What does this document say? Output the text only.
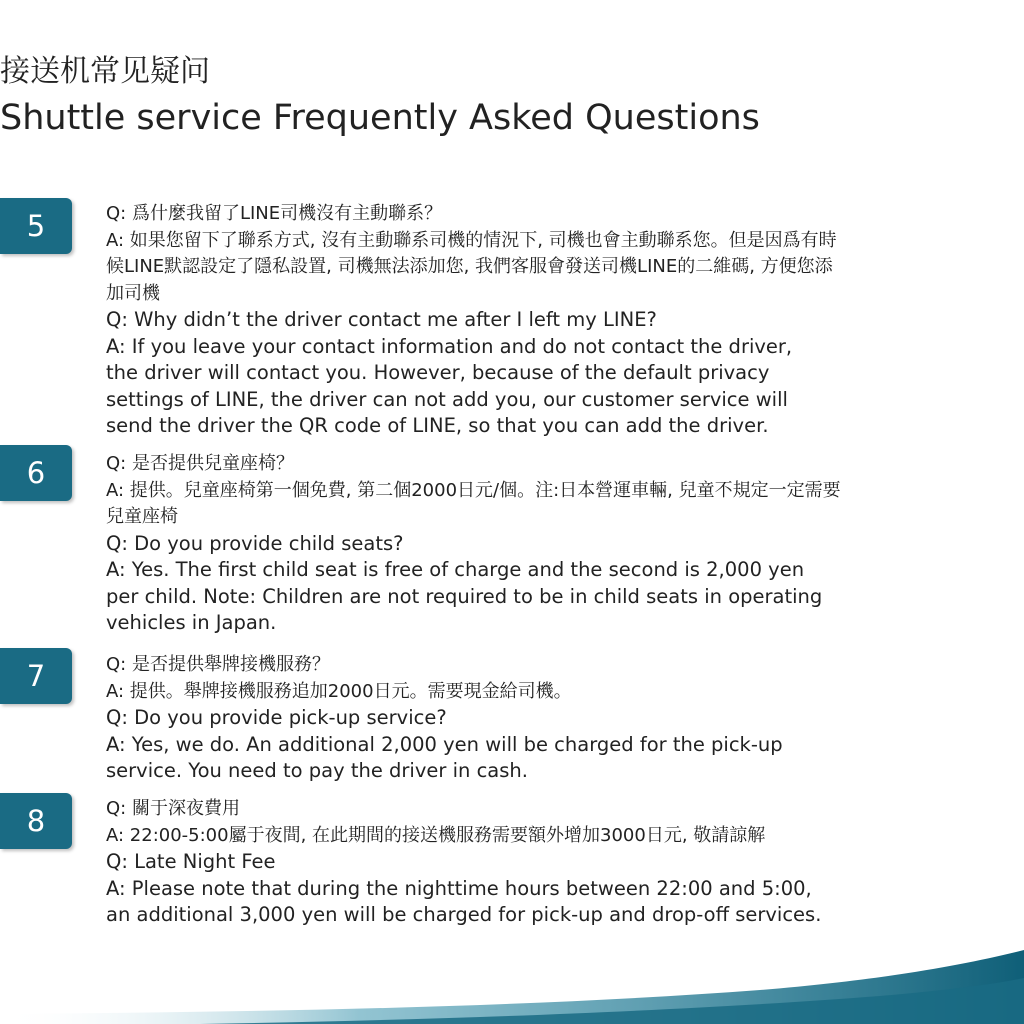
接送机常见疑问
Shuttle service Frequently Asked Questions
5	Q: 爲什麼我留了LINE司機沒有主動聯系？
A: 如果您留下了聯系方式, 沒有主動聯系司機的情況下, 司機也會主動聯系您。但是因爲有時
候LINE默認設定了隱私設置, 司機無法添加您, 我們客服會發送司機LINE的二維碼, 方便您添
加司機
Q: Why didn’t the driver contact me after I left my LINE?
A: If you leave your contact information and do not contact the driver,
the driver will contact you. However, because of the default privacy
settings of LINE, the driver can not add you, our customer service will
send the driver the QR code of LINE, so that you can add the driver.
6	Q: 是否提供兒童座椅？
A: 提供。兒童座椅第一個免費, 第二個2000日元/個。注:日本營運車輛, 兒童不規定一定需要
兒童座椅
Q: Do you provide child seats?
A: Yes. The first child seat is free of charge and the second is 2,000 yen
per child. Note: Children are not required to be in child seats in operating
vehicles in Japan.
7	Q: 是否提供舉牌接機服務？
A: 提供。舉牌接機服務追加2000日元。需要現金給司機。
Q: Do you provide pick-up service?
A: Yes, we do. An additional 2,000 yen will be charged for the pick-up
service. You need to pay the driver in cash.
8	Q: 關于深夜費用
A: 22:00-5:00屬于夜間, 在此期間的接送機服務需要額外增加3000日元, 敬請諒解
Q: Late Night Fee
A: Please note that during the nighttime hours between 22:00 and 5:00,
an additional 3,000 yen will be charged for pick-up and drop-off services.
